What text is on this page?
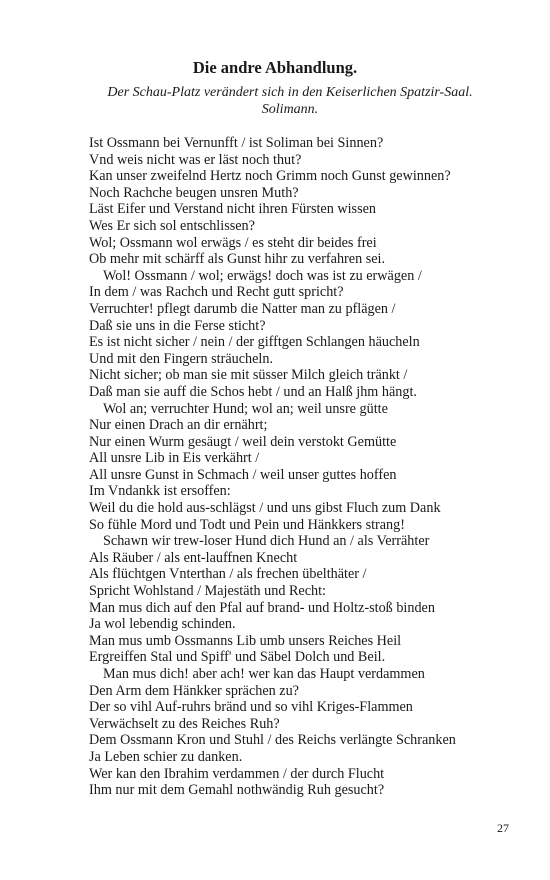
Die andre Abhandlung.
Der Schau-Platz verändert sich in den Keiserlichen Spatzir-Saal.
Solimann.
Ist Ossmann bei Vernunfft / ist Soliman bei Sinnen?
Vnd weis nicht was er läst noch thut?
Kan unser zweifelnd Hertz noch Grimm noch Gunst gewinnen?
Noch Rachche beugen unsren Muth?
Läst Eifer und Verstand nicht ihren Fürsten wissen
Wes Er sich sol entschlissen?
Wol; Ossmann wol erwägs / es steht dir beides frei
Ob mehr mit schärff als Gunst hihr zu verfahren sei.
Wol! Ossmann / wol; erwägs! doch was ist zu erwägen /
In dem / was Rachch und Recht gutt spricht?
Verruchter! pflegt darumb die Natter man zu pflägen /
Daß sie uns in die Ferse sticht?
Es ist nicht sicher / nein / der gifftgen Schlangen häucheln
Und mit den Fingern sträucheln.
Nicht sicher; ob man sie mit süsser Milch gleich tränkt /
Daß man sie auff die Schos hebt / und an Halß jhm hängt.
Wol an; verruchter Hund; wol an; weil unsre gütte
Nur einen Drach an dir ernährt;
Nur einen Wurm gesäugt / weil dein verstokt Gemütte
All unsre Lib in Eis verkährt /
All unsre Gunst in Schmach / weil unser guttes hoffen
Im Vndankk ist ersoffen:
Weil du die hold aus-schlägst / und uns gibst Fluch zum Dank
So fühle Mord und Todt und Pein und Hänkkers strang!
Schawn wir trew-loser Hund dich Hund an / als Verrähter
Als Räuber / als ent-lauffnen Knecht
Als flüchtgen Vnterthan / als frechen übelthäter /
Spricht Wohlstand / Majestäth und Recht:
Man mus dich auf den Pfal auf brand- und Holtz-stoß binden
Ja wol lebendig schinden.
Man mus umb Ossmanns Lib umb unsers Reiches Heil
Ergreiffen Stal und Spiff' und Säbel Dolch und Beil.
Man mus dich! aber ach! wer kan das Haupt verdammen
Den Arm dem Hänkker sprächen zu?
Der so vihl Auf-ruhrs bränd und so vihl Kriges-Flammen
Verwächselt zu des Reiches Ruh?
Dem Ossmann Kron und Stuhl / des Reichs verlängte Schranken
Ja Leben schier zu danken.
Wer kan den Ibrahim verdammen / der durch Flucht
Ihm nur mit dem Gemahl nothwändig Ruh gesucht?
27
